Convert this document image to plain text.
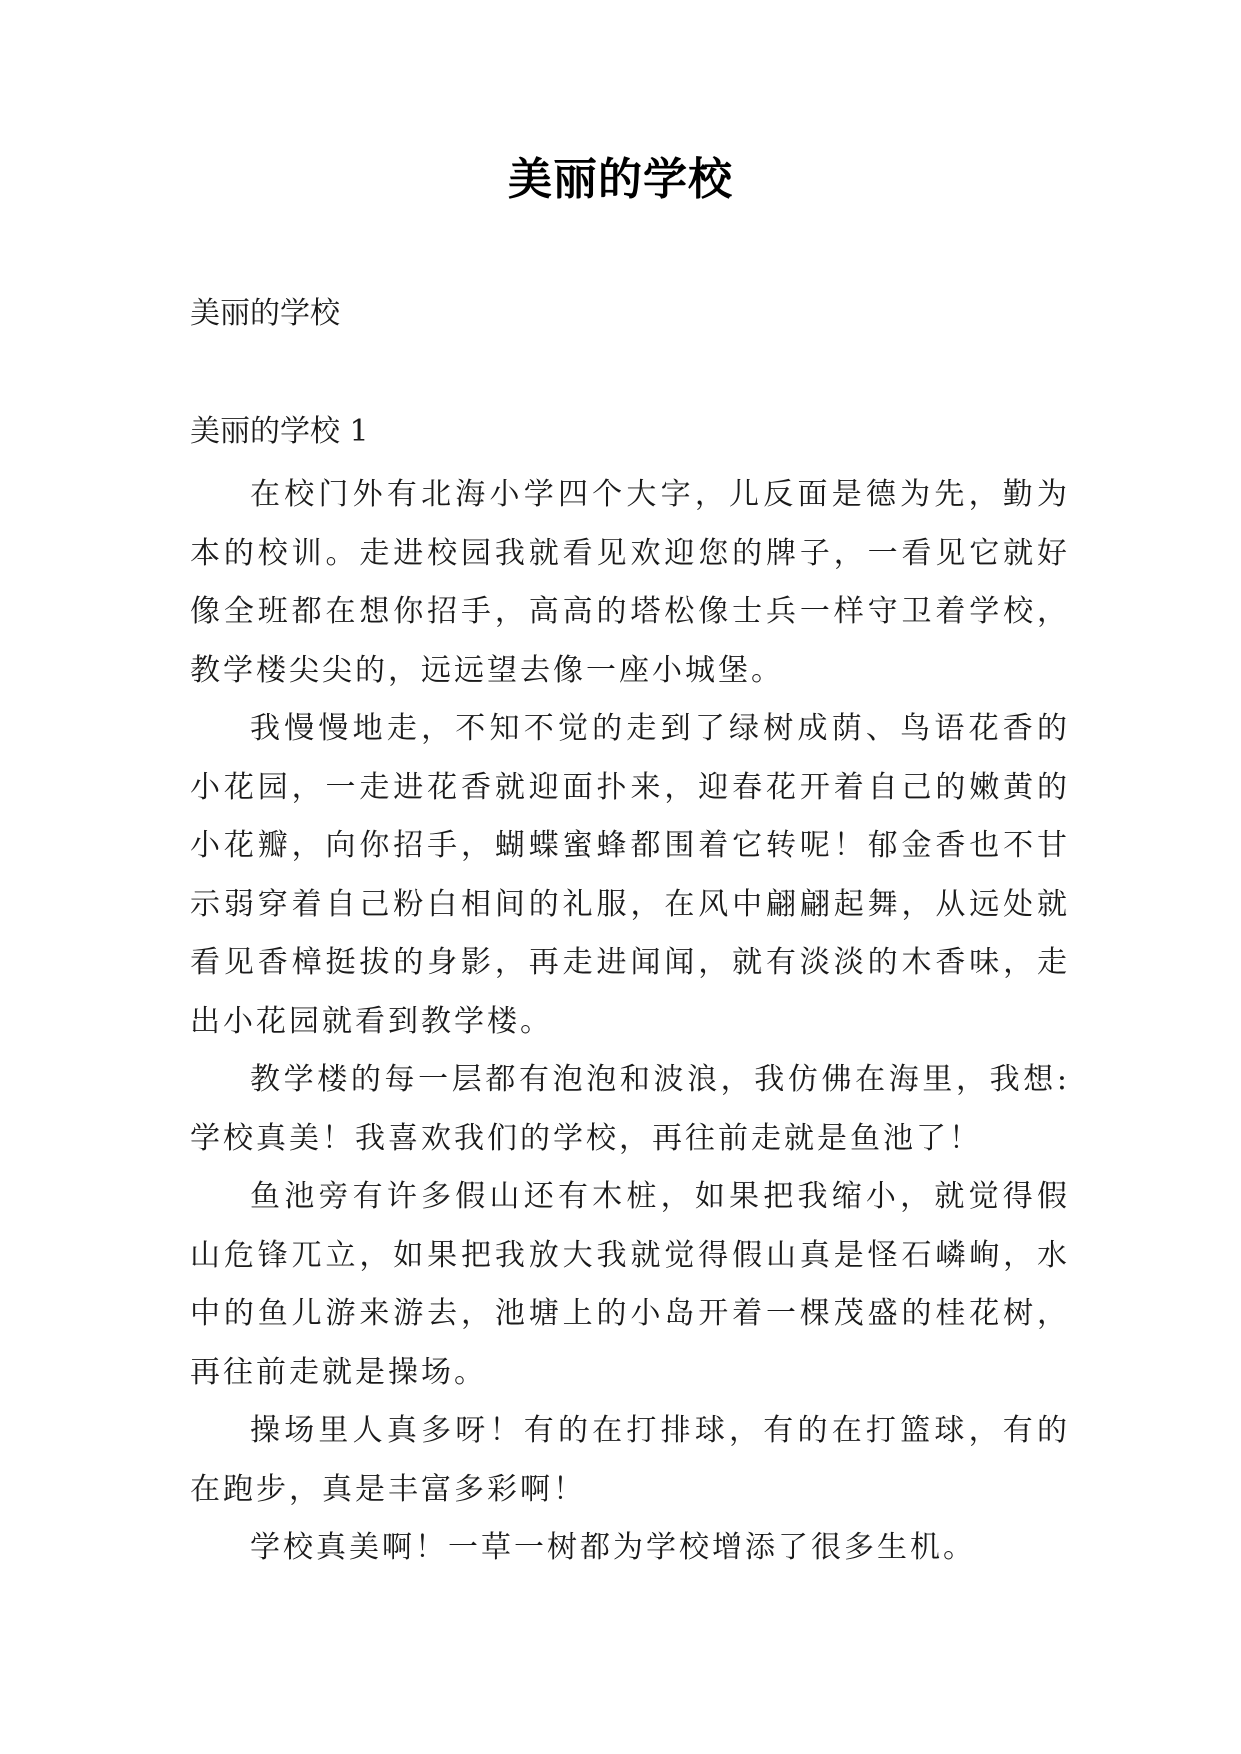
美丽的学校
美丽的学校
美丽的学校 1

在校门外有北海小学四个大字，儿反面是德为先，勤为本的校训。走进校园我就看见欢迎您的牌子，一看见它就好像全班都在想你招手，高高的塔松像士兵一样守卫着学校，教学楼尖尖的，远远望去像一座小城堡。

我慢慢地走，不知不觉的走到了绿树成荫、鸟语花香的小花园，一走进花香就迎面扑来，迎春花开着自己的嫩黄的小花瓣，向你招手，蝴蝶蜜蜂都围着它转呢！郁金香也不甘示弱穿着自己粉白相间的礼服，在风中翩翩起舞，从远处就看见香樟挺拔的身影，再走进闻闻，就有淡淡的木香味，走出小花园就看到教学楼。

教学楼的每一层都有泡泡和波浪，我仿佛在海里，我想:学校真美！我喜欢我们的学校，再往前走就是鱼池了！

鱼池旁有许多假山还有木桩，如果把我缩小，就觉得假山危锋兀立，如果把我放大我就觉得假山真是怪石嶙峋，水中的鱼儿游来游去，池塘上的小岛开着一棵茂盛的桂花树，再往前走就是操场。

操场里人真多呀！有的在打排球，有的在打篮球，有的在跑步，真是丰富多彩啊！

学校真美啊！一草一树都为学校增添了很多生机。
